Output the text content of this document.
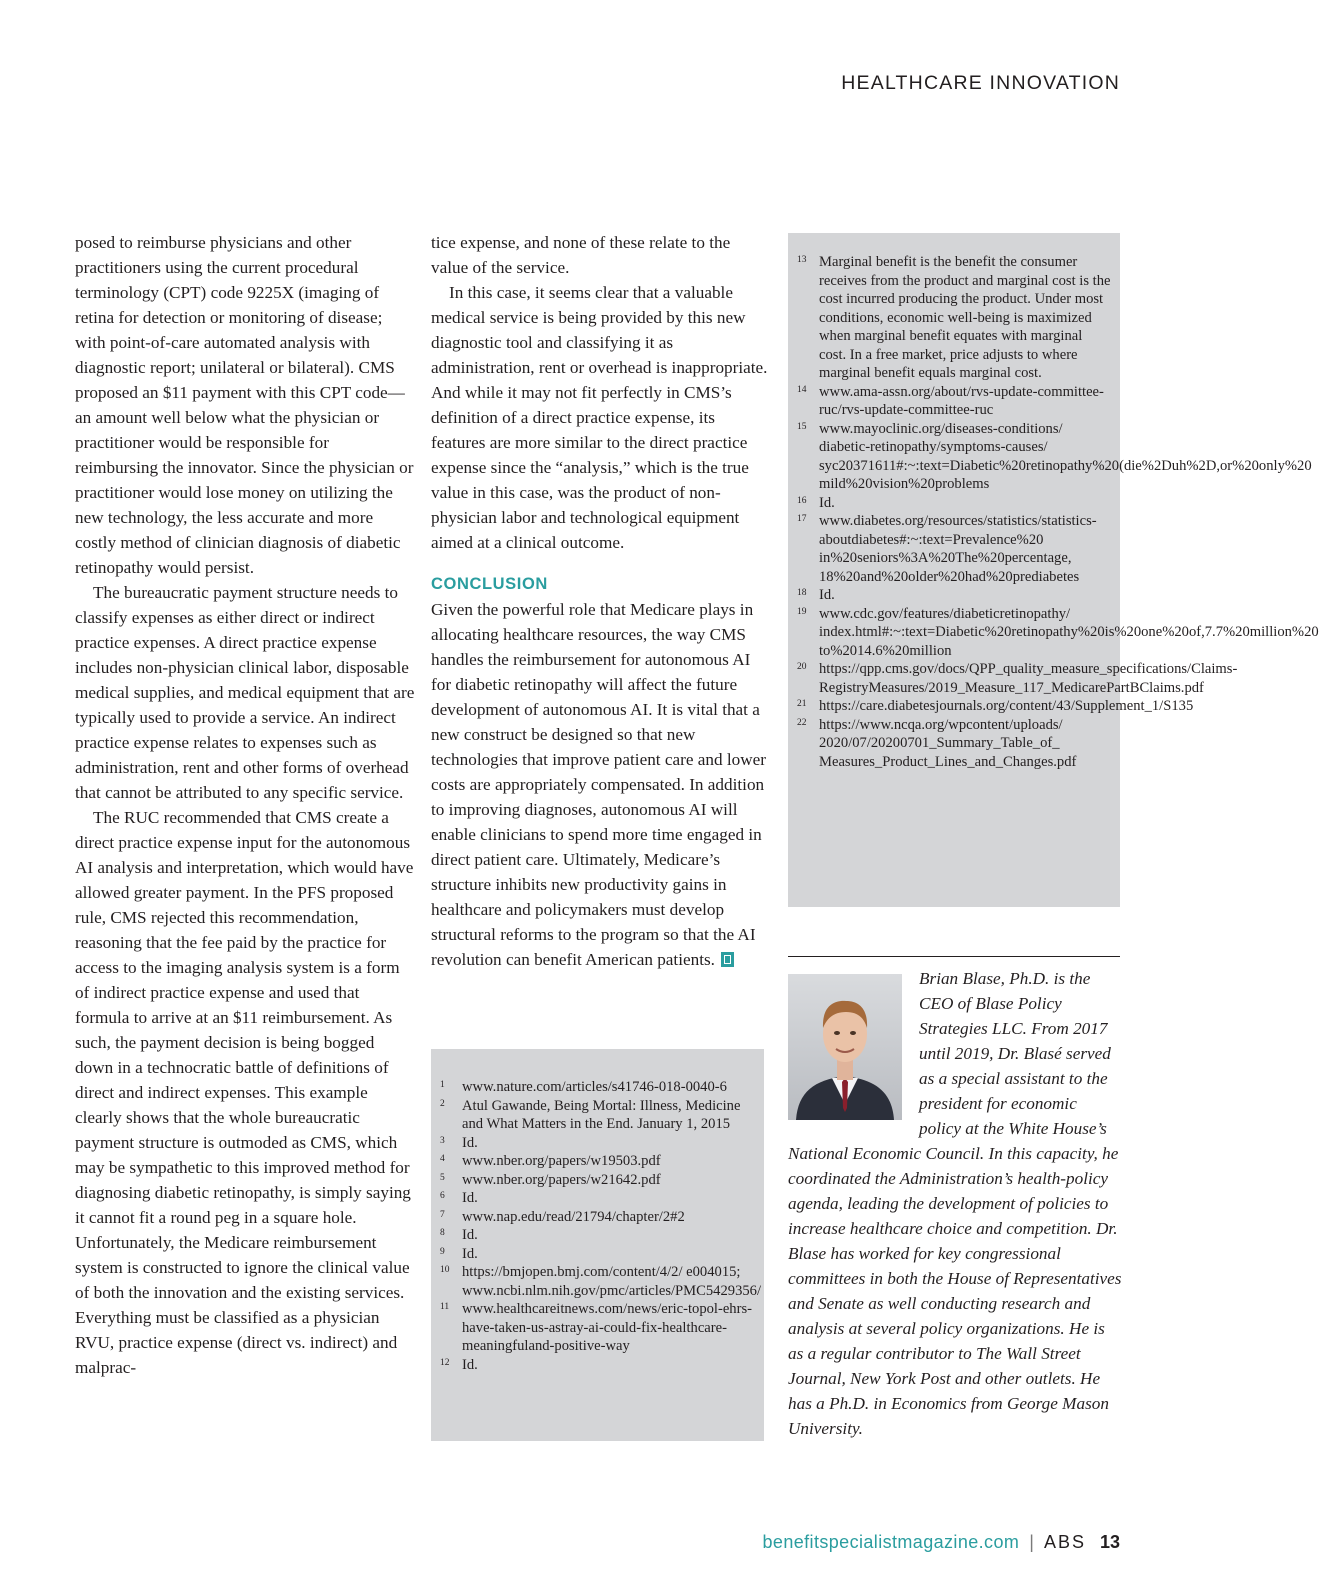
HEALTHCARE INNOVATION

posed to reimburse physicians and other practitioners using the current procedural terminology (CPT) code 9225X (imaging of retina for detection or monitoring of disease; with point-of-care automated analysis with diagnostic report; unilateral or bilateral). CMS proposed an $11 payment with this CPT code—an amount well below what the physician or practitioner would be responsible for reimbursing the innovator. Since the physician or practitioner would lose money on utilizing the new technology, the less accurate and more costly method of clinician diagnosis of diabetic retinopathy would persist.

The bureaucratic payment structure needs to classify expenses as either direct or indirect practice expenses. A direct practice expense includes non-physician clinical labor, disposable medical supplies, and medical equipment that are typically used to provide a service. An indirect practice expense relates to expenses such as administration, rent and other forms of overhead that cannot be attributed to any specific service.

The RUC recommended that CMS create a direct practice expense input for the autonomous AI analysis and interpretation, which would have allowed greater payment. In the PFS proposed rule, CMS rejected this recommendation, reasoning that the fee paid by the practice for access to the imaging analysis system is a form of indirect practice expense and used that formula to arrive at an $11 reimbursement. As such, the payment decision is being bogged down in a technocratic battle of definitions of direct and indirect expenses. This example clearly shows that the whole bureaucratic payment structure is outmoded as CMS, which may be sympathetic to this improved method for diagnosing diabetic retinopathy, is simply saying it cannot fit a round peg in a square hole. Unfortunately, the Medicare reimbursement system is constructed to ignore the clinical value of both the innovation and the existing services. Everything must be classified as a physician RVU, practice expense (direct vs. indirect) and malprac-

tice expense, and none of these relate to the value of the service.

In this case, it seems clear that a valuable medical service is being provided by this new diagnostic tool and classifying it as administration, rent or overhead is inappropriate. And while it may not fit perfectly in CMS’s definition of a direct practice expense, its features are more similar to the direct practice expense since the “analysis,” which is the true value in this case, was the product of non-physician labor and technological equipment aimed at a clinical outcome.

CONCLUSION

Given the powerful role that Medicare plays in allocating healthcare resources, the way CMS handles the reimbursement for autonomous AI for diabetic retinopathy will affect the future development of autonomous AI. It is vital that a new construct be designed so that new technologies that improve patient care and lower costs are appropriately compensated. In addition to improving diagnoses, autonomous AI will enable clinicians to spend more time engaged in direct patient care. Ultimately, Medicare’s structure inhibits new productivity gains in healthcare and policymakers must develop structural reforms to the program so that the AI revolution can benefit American patients.

1	www.nature.com/articles/s41746-018-0040-6
2	Atul Gawande, Being Mortal: Illness, Medicine and What Matters in the End. January 1, 2015
3	Id.
4	www.nber.org/papers/w19503.pdf
5	www.nber.org/papers/w21642.pdf
6	Id.
7	www.nap.edu/read/21794/chapter/2#2
8	Id.
9	Id.
10 https://bmjopen.bmj.com/content/4/2/ e004015; www.ncbi.nlm.nih.gov/pmc/articles/PMC5429356/
11 www.healthcareitnews.com/news/eric-topol-ehrs-have-taken-us-astray-ai-could-fix-healthcare-meaningfuland-positive-way
12 Id.
13 Marginal benefit is the benefit the consumer receives from the product and marginal cost is the cost incurred producing the product. Under most conditions, economic well-being is maximized when marginal benefit equates with marginal cost. In a free market, price adjusts to where marginal benefit equals marginal cost.
14 www.ama-assn.org/about/rvs-update-committee-ruc/rvs-update-committee-ruc
15 www.mayoclinic.org/diseases-conditions/ diabetic-retinopathy/symptoms-causes/ syc20371611#:~:text=Diabetic%20retinopathy%20(die%2Duh%2D,or%20only%20 mild%20vision%20problems
16 Id.
17 www.diabetes.org/resources/statistics/statistics-aboutdiabetes#:~:text=Prevalence%20 in%20seniors%3A%20The%20percentage, 18%20and%20older%20had%20prediabetes
18 Id.
19 www.cdc.gov/features/diabeticretinopathy/ index.html#:~:text=Diabetic%20retinopathy%20is%20one%20of,7.7%20million%20 to%2014.6%20million
20 https://qpp.cms.gov/docs/QPP_quality_measure_specifications/Claims-RegistryMeasures/2019_Measure_117_MedicarePartBClaims.pdf
21 https://care.diabetesjournals.org/content/43/Supplement_1/S135
22 https://www.ncqa.org/wpcontent/uploads/ 2020/07/20200701_Summary_Table_of_ Measures_Product_Lines_and_Changes.pdf

Brian Blase, Ph.D. is the CEO of Blase Policy Strategies LLC. From 2017 until 2019, Dr. Blasé served as a special assistant to the president for economic policy at the White House’s National Economic Council. In this capacity, he coordinated the Administration’s health-policy agenda, leading the development of policies to increase healthcare choice and competition. Dr. Blase has worked for key congressional committees in both the House of Representatives and Senate as well conducting research and analysis at several policy organizations. He is as a regular contributor to The Wall Street Journal, New York Post and other outlets. He has a Ph.D. in Economics from George Mason University.

benefitspecialistmagazine.com | ABS 13
